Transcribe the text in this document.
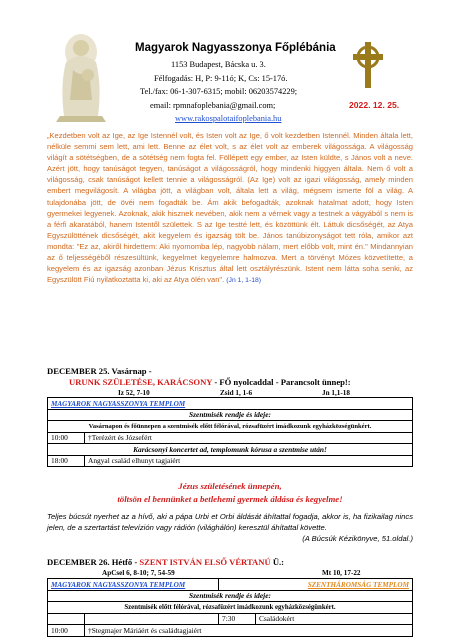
Magyarok Nagyasszonya Főplébánia
1153 Budapest, Bácska u. 3.
Félfogadás: H, P: 9-11ó; K, Cs: 15-17ó.
Tel./fax: 06-1-307-6315; mobil: 06203574229;
email: rpmnafoplebania@gmail.com;
www.rakospalotaifoplebania.hu
2022. 12. 25.
„Kezdetben volt az Ige, az Ige Istennél volt, és Isten volt az Ige, ő volt kezdetben Istennél. Minden általa lett, nélküle semmi sem lett, ami lett. Benne az élet volt, s az élet volt az emberek világossága. A világosság világít a sötétségben, de a sötétség nem fogta fel. Föllépett egy ember, az Isten küldte, s János volt a neve. Azért jött, hogy tanúságot tegyen, tanúságot a világosságról, hogy mindenki higgyen általa. Nem ő volt a világosság, csak tanúságot kellett tennie a világosságról. (Az Ige) volt az igazi világosság, amely minden embert megvilágosít. A világba jött, a világban volt, általa lett a világ, mégsem ismerte föl a világ. A tulajdonába jött, de övéi nem fogadták be. Ám akik befogadták, azoknak hatalmat adott, hogy Isten gyermekei legyenek. Azoknak, akik hisznek nevében, akik nem a vérnek vagy a testnek a vágyából s nem is a férfi akaratából, hanem Istentől születtek. S az Ige testté lett, és közöttünk élt. Láttuk dicsőségét, az Atya Egyszülöttének dicsőségét, akit kegyelem és igazság tölt be. János tanúbizonyságot tett róla, amikor azt mondta: "Ez az, akiről hirdettem: Aki nyomomba lép, nagyobb nálam, mert előbb volt, mint én." Mindannyian az ő teljességéből részesültünk, kegyelmet kegyelemre halmozva. Mert a törvényt Mózes közvetítette, a kegyelem és az igazság azonban Jézus Krisztus által lett osztályrészünk. Istent nem látta soha senki, az Egyszülött Fiú nyilatkoztatta ki, aki az Atya ölén van". (Jn 1, 1-18)
DECEMBER 25. Vasárnap -
URUNK SZÜLETÉSE, KARÁCSONY - FŐ nyolcaddal - Parancsolt ünnep!:
Iz 52, 7-10	Zsid 1, 1-6	Jn 1,1-18
MAGYAROK NAGYASSZONYA TEMPLOM	
Szentmisék rendje és ideje:	
Vasárnapon és főünnepen a szentmisék előtt félórával, rózsafüzért imádkozunk egyházközségünkért.	
10:00	†Terézért és Józsefért
Karácsonyi koncertet ad, templomunk kórusa a szentmise után!	
18:00	Angyal család elhunyt tagjaiért
Jézus születésének ünnepén,
töltsön el bennünket a betlehemi gyermek áldása és kegyelme!
Teljes búcsút nyerhet az a hívő, aki a pápa Urbi et Orbi áldását áhítattal fogadja, akkor is, ha fizikailag nincs jelen, de a szertartást televízión vagy rádión (világhálón) keresztül áhítattal követte.
(A Búcsúk Kézikönyve, 51.oldal.)
DECEMBER 26. Hétfő - SZENT ISTVÁN ELSŐ VÉRTANÚ Ü.:
ApCsel 6, 8-10; 7, 54-59	Mt 10, 17-22
MAGYAROK NAGYASSZONYA TEMPLOM		SZENTHÁROMSÁG TEMPLOM	
Szentmisék rendje és ideje:			
Szentmisék előtt félórával, rózsafüzért imádkozunk egyházközségünkért.			
		7:30	Családokért
10:00	†Stegmajer Máriáért és családtagjaiért		
